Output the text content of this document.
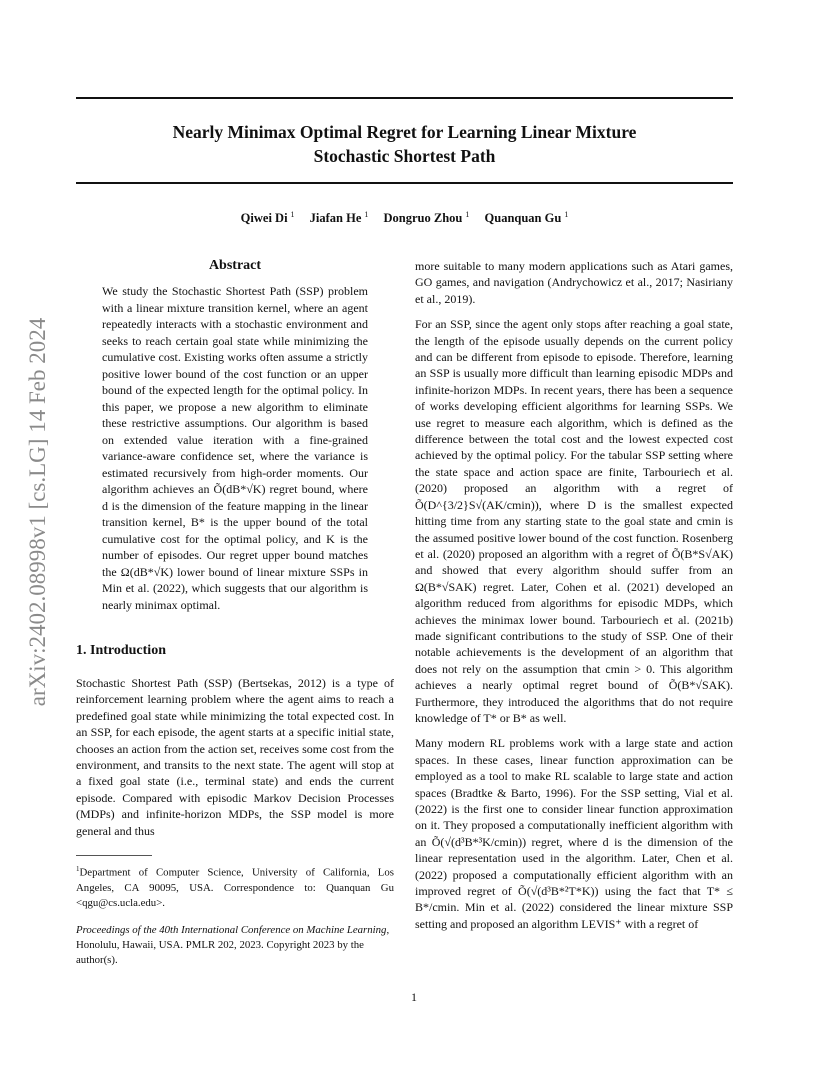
Nearly Minimax Optimal Regret for Learning Linear Mixture
Stochastic Shortest Path
Qiwei Di $^1$ Jiafan He $^1$ Dongruo Zhou $^1$ Quanquan Gu $^1$
arXiv:2402.08998v1 [cs.LG] 14 Feb 2024
Abstract

We study the Stochastic Shortest Path (SSP) problem with a linear mixture transition kernel, where an agent repeatedly interacts with a stochastic environment and seeks to reach certain goal state while minimizing the cumulative cost. Existing works often assume a strictly positive lower bound of the cost function or an upper bound of the expected length for the optimal policy. In this paper, we propose a new algorithm to eliminate these restrictive assumptions. Our algorithm is based on extended value iteration with a fine-grained variance-aware confidence set, where the variance is estimated recursively from high-order moments. Our algorithm achieves an Õ(dB*√K) regret bound, where d is the dimension of the feature mapping in the linear transition kernel, B* is the upper bound of the total cumulative cost for the optimal policy, and K is the number of episodes. Our regret upper bound matches the Ω(dB*√K) lower bound of linear mixture SSPs in Min et al. (2022), which suggests that our algorithm is nearly minimax optimal.

1. Introduction

Stochastic Shortest Path (SSP) (Bertsekas, 2012) is a type of reinforcement learning problem where the agent aims to reach a predefined goal state while minimizing the total expected cost. In an SSP, for each episode, the agent starts at a specific initial state, chooses an action from the action set, receives some cost from the environment, and transits to the next state. The agent will stop at a fixed goal state (i.e., terminal state) and ends the current episode. Compared with episodic Markov Decision Processes (MDPs) and infinite-horizon MDPs, the SSP model is more general and thus

$^1$Department of Computer Science, University of California, Los Angeles, CA 90095, USA. Correspondence to: Quanquan Gu <qgu@cs.ucla.edu>.
Proceedings of the 40th International Conference on Machine Learning, Honolulu, Hawaii, USA. PMLR 202, 2023. Copyright 2023 by the author(s).

more suitable to many modern applications such as Atari games, GO games, and navigation (Andrychowicz et al., 2017; Nasiriany et al., 2019).

For an SSP, since the agent only stops after reaching a goal state, the length of the episode usually depends on the current policy and can be different from episode to episode. Therefore, learning an SSP is usually more difficult than learning episodic MDPs and infinite-horizon MDPs. In recent years, there has been a sequence of works developing efficient algorithms for learning SSPs. We use regret to measure each algorithm, which is defined as the difference between the total cost and the lowest expected cost achieved by the optimal policy. For the tabular SSP setting where the state space and action space are finite, Tarbouriech et al. (2020) proposed an algorithm with a regret of Õ(D^{3/2}S√(AK/cmin)), where D is the smallest expected hitting time from any starting state to the goal state and cmin is the assumed positive lower bound of the cost function. Rosenberg et al. (2020) proposed an algorithm with a regret of Õ(B*S√AK) and showed that every algorithm should suffer from an Ω(B*√SAK) regret. Later, Cohen et al. (2021) developed an algorithm reduced from algorithms for episodic MDPs, which achieves the minimax lower bound. Tarbouriech et al. (2021b) made significant contributions to the study of SSP. One of their notable achievements is the development of an algorithm that does not rely on the assumption that cmin > 0. This algorithm achieves a nearly optimal regret bound of Õ(B*√SAK). Furthermore, they introduced the algorithms that do not require knowledge of T* or B* as well.

Many modern RL problems work with a large state and action spaces. In these cases, linear function approximation can be employed as a tool to make RL scalable to large state and action spaces (Bradtke & Barto, 1996). For the SSP setting, Vial et al. (2022) is the first one to consider linear function approximation on it. They proposed a computationally inefficient algorithm with an Õ(√(d³B*³K/cmin)) regret, where d is the dimension of the linear representation used in the algorithm. Later, Chen et al. (2022) proposed a computationally efficient algorithm with an improved regret of Õ(√(d³B*²T*K)) using the fact that T* ≤ B*/cmin. Min et al. (2022) considered the linear mixture SSP setting and proposed an algorithm LEVIS⁺ with a regret of

1
